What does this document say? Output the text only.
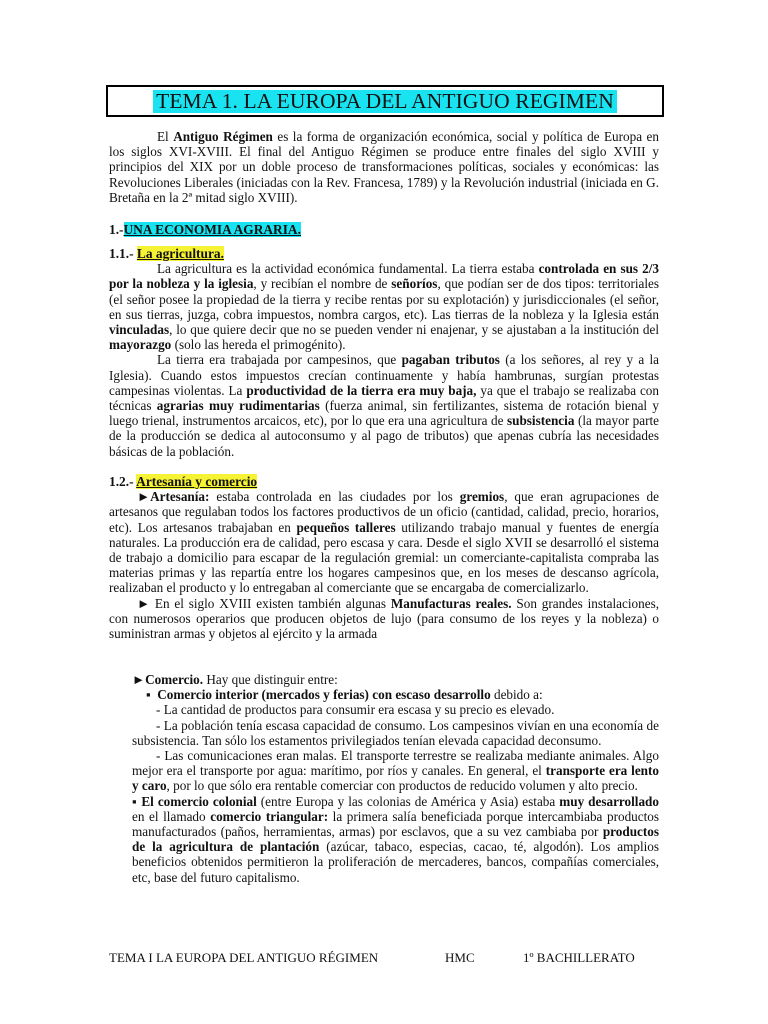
TEMA 1. LA EUROPA DEL ANTIGUO REGIMEN

El Antiguo Régimen es la forma de organización económica, social y política de Europa en los siglos XVI-XVIII. El final del Antiguo Régimen se produce entre finales del siglo XVIII y principios del XIX por un doble proceso de transformaciones políticas, sociales y económicas: las Revoluciones Liberales (iniciadas con la Rev. Francesa, 1789) y la Revolución industrial (iniciada en G. Bretaña en la 2ª mitad siglo XVIII).

1.-UNA ECONOMIA AGRARIA.

1.1.- La agricultura.

La agricultura es la actividad económica fundamental. La tierra estaba controlada en sus 2/3 por la nobleza y la iglesia, y recibían el nombre de señoríos, que podían ser de dos tipos: territoriales (el señor posee la propiedad de la tierra y recibe rentas por su explotación) y jurisdiccionales (el señor, en sus tierras, juzga, cobra impuestos, nombra cargos, etc). Las tierras de la nobleza y la Iglesia están vinculadas, lo que quiere decir que no se pueden vender ni enajenar, y se ajustaban a la institución del mayorazgo (solo las hereda el primogénito).

La tierra era trabajada por campesinos, que pagaban tributos (a los señores, al rey y a la Iglesia). Cuando estos impuestos crecían continuamente y había hambrunas, surgían protestas campesinas violentas. La productividad de la tierra era muy baja, ya que el trabajo se realizaba con técnicas agrarias muy rudimentarias (fuerza animal, sin fertilizantes, sistema de rotación bienal y luego trienal, instrumentos arcaicos, etc), por lo que era una agricultura de subsistencia (la mayor parte de la producción se dedica al autoconsumo y al pago de tributos) que apenas cubría las necesidades básicas de la población.

1.2.- Artesanía y comercio

►Artesanía: estaba controlada en las ciudades por los gremios, que eran agrupaciones de artesanos que regulaban todos los factores productivos de un oficio (cantidad, calidad, precio, horarios, etc). Los artesanos trabajaban en pequeños talleres utilizando trabajo manual y fuentes de energía naturales. La producción era de calidad, pero escasa y cara. Desde el siglo XVII se desarrolló el sistema de trabajo a domicilio para escapar de la regulación gremial: un comerciante-capitalista compraba las materias primas y las repartía entre los hogares campesinos que, en los meses de descanso agrícola, realizaban el producto y lo entregaban al comerciante que se encargaba de comercializarlo.

► En el siglo XVIII existen también algunas Manufacturas reales. Son grandes instalaciones, con numerosos operarios que producen objetos de lujo (para consumo de los reyes y la nobleza) o suministran armas y objetos al ejército y la armada

►Comercio. Hay que distinguir entre:

▪ Comercio interior (mercados y ferias) con escaso desarrollo debido a:

- La cantidad de productos para consumir era escasa y su precio es elevado.

- La población tenía escasa capacidad de consumo. Los campesinos vivían en una economía de subsistencia. Tan sólo los estamentos privilegiados tenían elevada capacidad deconsumo.

- Las comunicaciones eran malas. El transporte terrestre se realizaba mediante animales. Algo mejor era el transporte por agua: marítimo, por ríos y canales. En general, el transporte era lento y caro, por lo que sólo era rentable comerciar con productos de reducido volumen y alto precio.

▪ El comercio colonial (entre Europa y las colonias de América y Asia) estaba muy desarrollado en el llamado comercio triangular: la primera salía beneficiada porque intercambiaba productos manufacturados (paños, herramientas, armas) por esclavos, que a su vez cambiaba por productos de la agricultura de plantación (azúcar, tabaco, especias, cacao, té, algodón). Los amplios beneficios obtenidos permitieron la proliferación de mercaderes, bancos, compañías comerciales, etc, base del futuro capitalismo.

TEMA I LA EUROPA DEL ANTIGUO RÉGIMEN	HMC	1º BACHILLERATO
